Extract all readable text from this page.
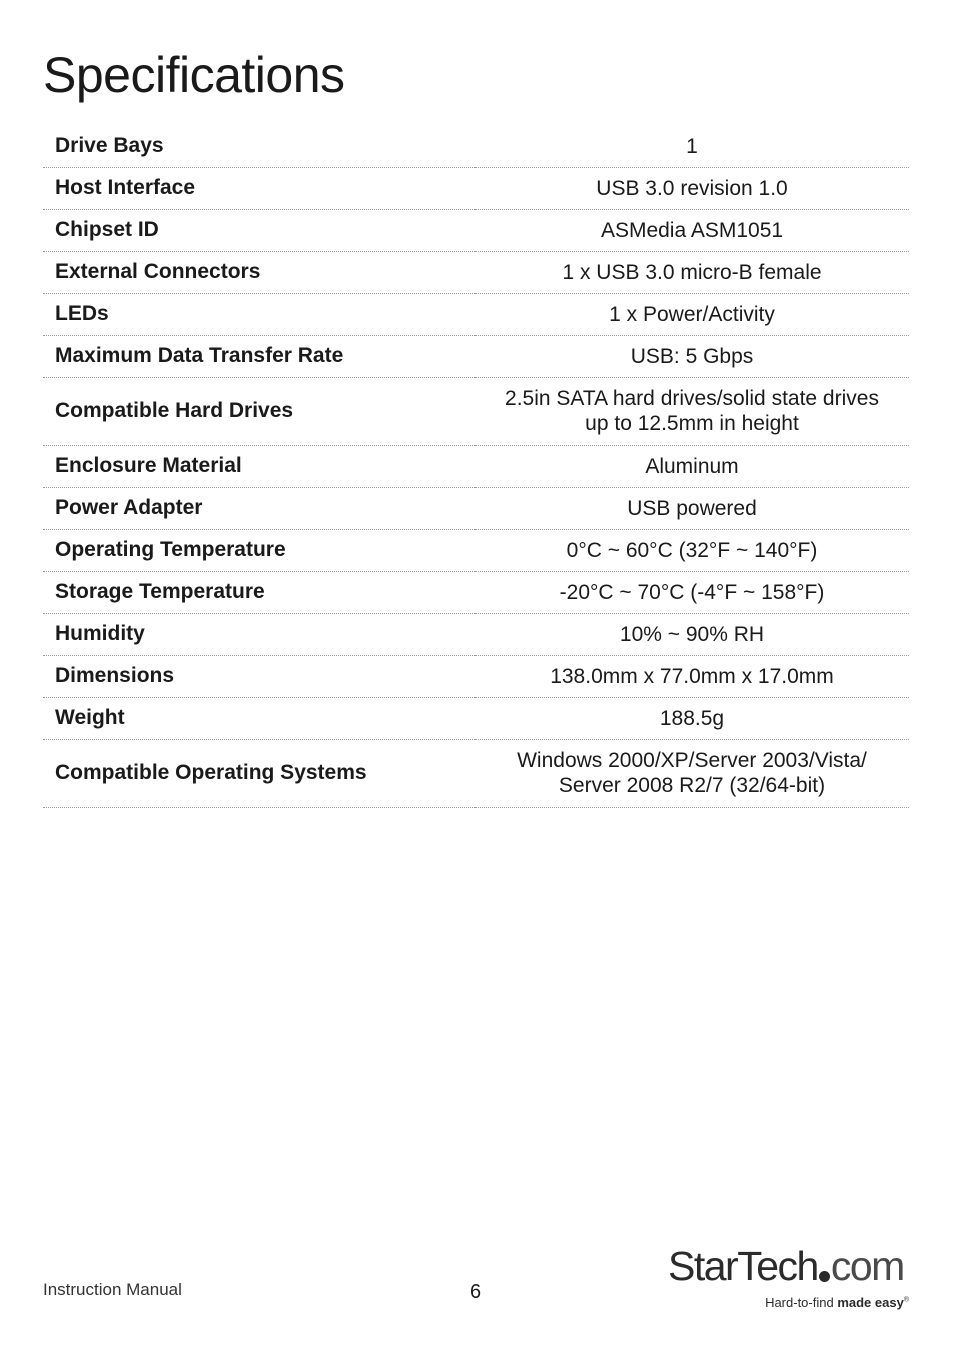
Specifications
Drive Bays	1

Host Interface	USB 3.0 revision 1.0

Chipset ID	ASMedia ASM1051

External Connectors	1 x USB 3.0 micro-B female

LEDs	1 x Power/Activity

Maximum Data Transfer Rate	USB: 5 Gbps

Compatible Hard Drives	2.5in SATA hard drives/solid state drives
up to 12.5mm in height

Enclosure Material	Aluminum

Power Adapter	USB powered

Operating Temperature	0°C ~ 60°C (32°F ~ 140°F)

Storage Temperature	-20°C ~ 70°C (-4°F ~ 158°F)

Humidity	10% ~ 90% RH

Dimensions	138.0mm x 77.0mm x 17.0mm

Weight	188.5g

Compatible Operating Systems	Windows 2000/XP/Server 2003/Vista/
Server 2008 R2/7 (32/64-bit)
Instruction Manual	6
StarTech com
Hard-to-find made easy®
